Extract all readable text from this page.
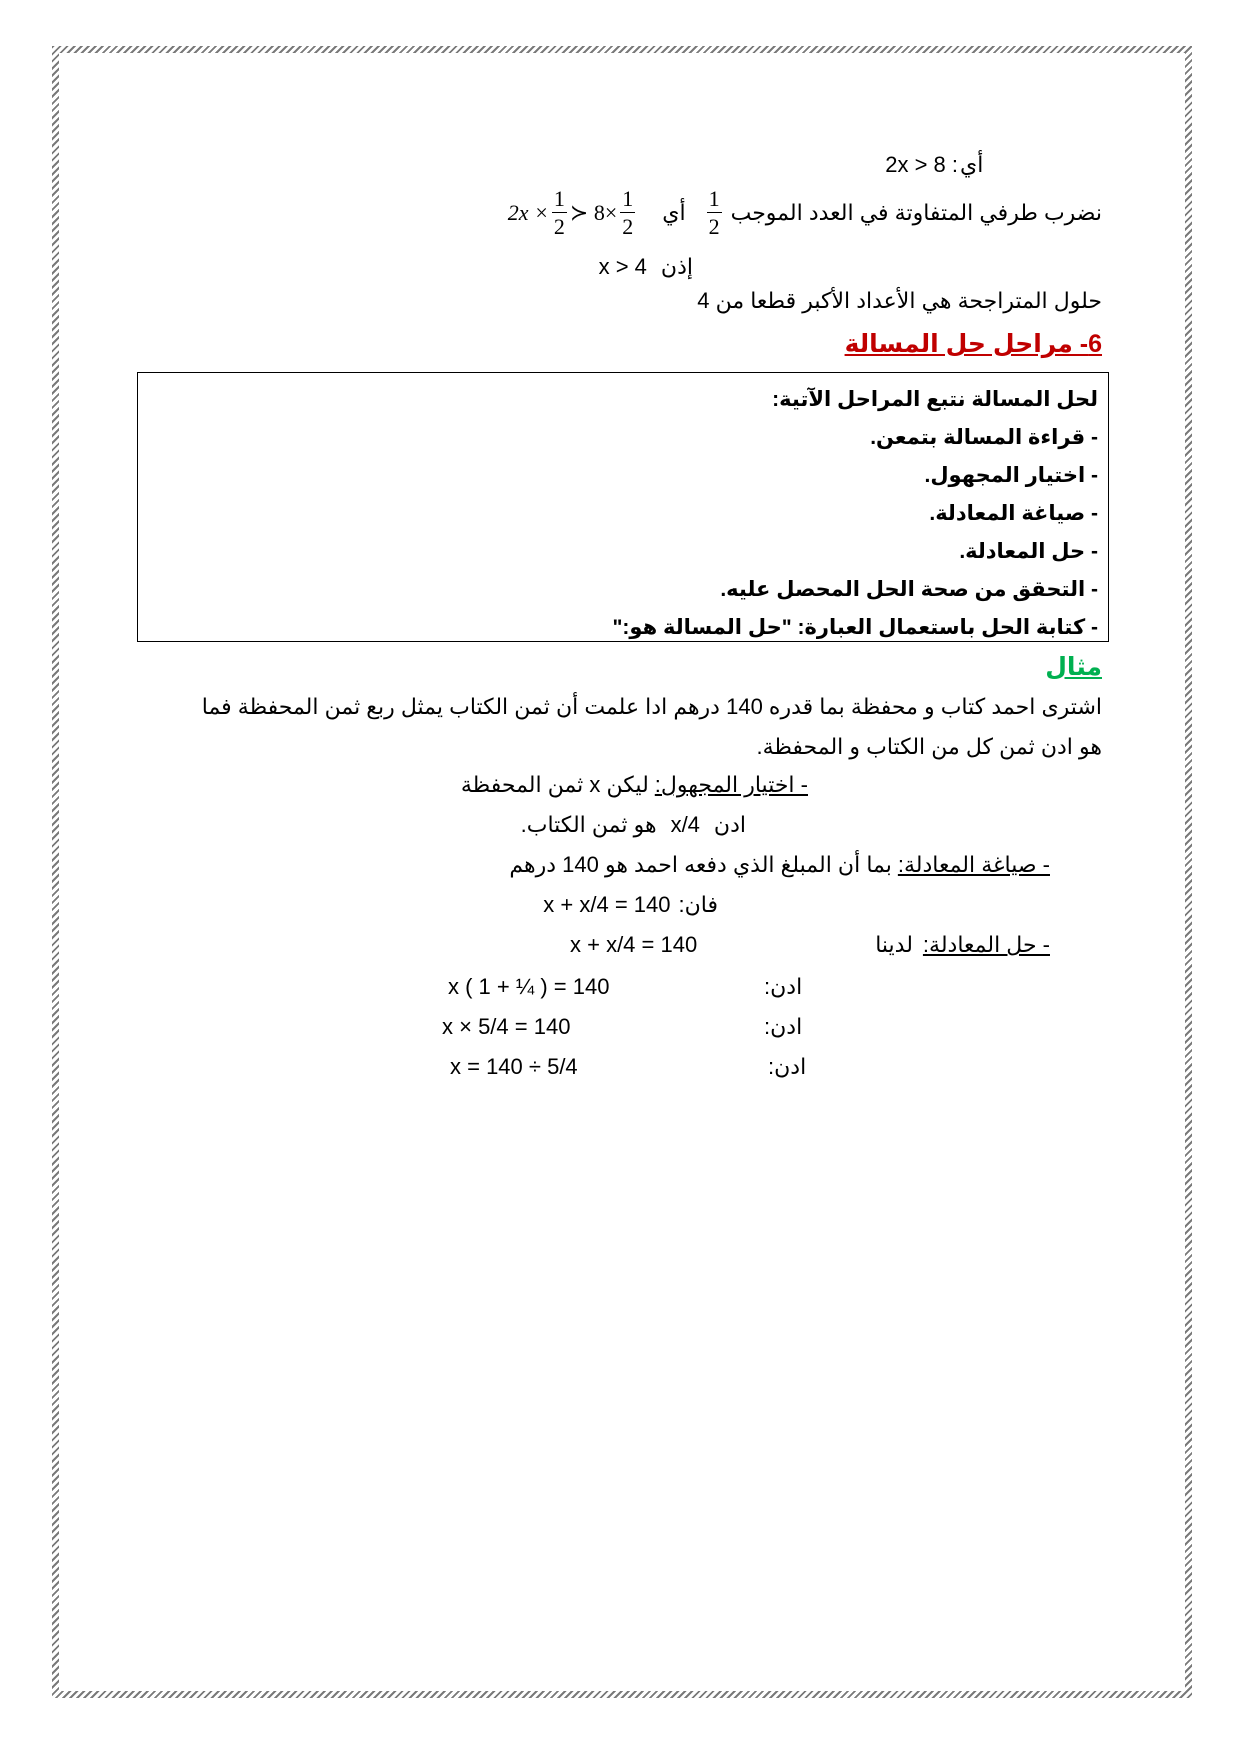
أي
2x > 8 :
نضرب طرفي المتفاوتة في العدد الموجب
$\frac{1}{2}$
أي
$2x \times \frac{1}{2}$ ≻ $8\times \frac{1}{2}$
إذن
x > 4
حلول المتراجحة هي الأعداد الأكبر قطعا من 4
6- مراحل حل المسالة
لحل المسالة نتبع المراحل الآتية:
- قراءة المسالة بتمعن.
- اختيار المجهول.
- صياغة المعادلة.
- حل المعادلة.
- التحقق من صحة الحل المحصل عليه.
- كتابة الحل باستعمال العبارة: "حل المسالة هو:"
مثال
اشترى احمد كتاب و محفظة بما قدره 140 درهم ادا علمت أن ثمن الكتاب يمثل ربع ثمن المحفظة فما
هو ادن ثمن كل من الكتاب و المحفظة.
- اختيار المجهول:
ليكن x ثمن المحفظة
ادن
x/4
هو ثمن الكتاب.
- صياغة المعادلة:
بما أن المبلغ الذي دفعه احمد هو 140 درهم
فان:
x + x/4 = 140
- حل المعادلة:
لدينا
x + x/4 = 140
ادن:
x ( 1 + ¼ ) = 140
ادن:
x × 5/4 = 140
ادن:
x = 140 ÷ 5/4
